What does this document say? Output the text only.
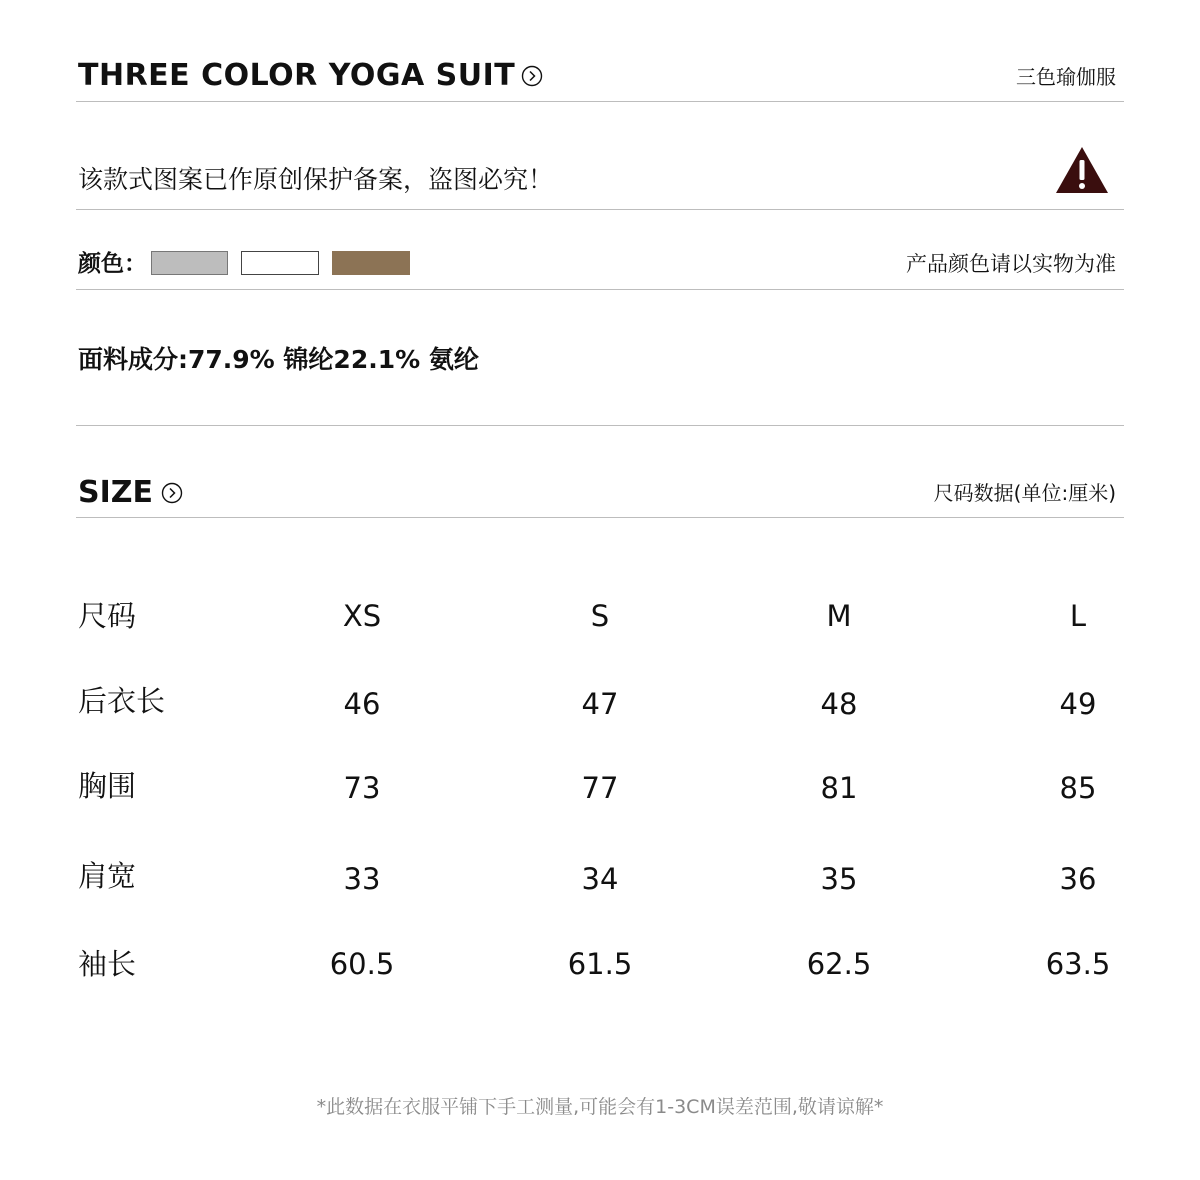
THREE COLOR YOGA SUIT	三色瑜伽服
该款式图案已作原创保护备案，盗图必究！
颜色：	产品颜色请以实物为准
面料成分:77.9% 锦纶22.1% 氨纶
SIZE	尺码数据(单位:厘米)
尺码	XS	S	M	L
后衣长	46	47	48	49
胸围	73	77	81	85
肩宽	33	34	35	36
袖长	60.5	61.5	62.5	63.5
*此数据在衣服平铺下手工测量,可能会有1-3CM误差范围,敬请谅解*
